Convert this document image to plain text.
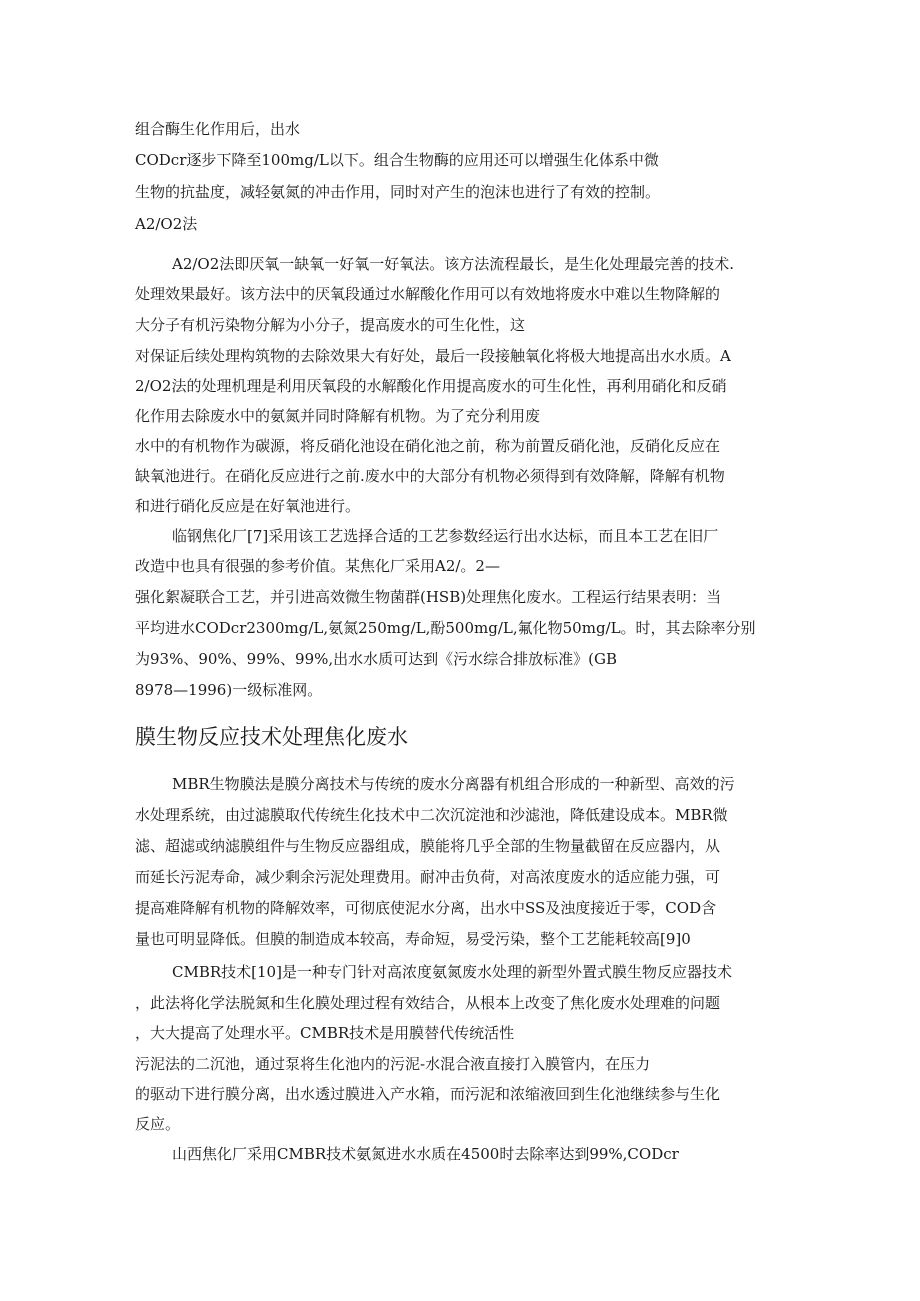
组合酶生化作用后，出水
CODcr逐步下降至100mg/L以下。组合生物酶的应用还可以增强生化体系中微
生物的抗盐度，减轻氨氮的冲击作用，同时对产生的泡沫也进行了有效的控制。
A2/O2法
A2/O2法即厌氧一缺氧一好氧一好氧法。该方法流程最长，是生化处理最完善的技术.
处理效果最好。该方法中的厌氧段通过水解酸化作用可以有效地将废水中难以生物降解的
大分子有机污染物分解为小分子，提高废水的可生化性，这
对保证后续处理构筑物的去除效果大有好处，最后一段接触氧化将极大地提高出水水质。A
2/O2法的处理机理是利用厌氧段的水解酸化作用提高废水的可生化性，再利用硝化和反硝
化作用去除废水中的氨氮并同时降解有机物。为了充分利用废
水中的有机物作为碳源，将反硝化池设在硝化池之前，称为前置反硝化池，反硝化反应在
缺氧池进行。在硝化反应进行之前.废水中的大部分有机物必须得到有效降解，降解有机物
和进行硝化反应是在好氧池进行。
临钢焦化厂[7]采用该工艺选择合适的工艺参数经运行出水达标，而且本工艺在旧厂
改造中也具有很强的参考价值。某焦化厂采用A2/。2—
强化絮凝联合工艺，并引进高效微生物菌群(HSB)处理焦化废水。工程运行结果表明：当
平均进水CODcr2300mg/L,氨氮250mg/L,酚500mg/L,氟化物50mg/L。时，其去除率分别
为93%、90%、99%、99%,出水水质可达到《污水综合排放标准》(GB
8978—1996)一级标准网。
膜生物反应技术处理焦化废水
MBR生物膜法是膜分离技术与传统的废水分离器有机组合形成的一种新型、高效的污
水处理系统，由过滤膜取代传统生化技术中二次沉淀池和沙滤池，降低建设成本。MBR微
滤、超滤或纳滤膜组件与生物反应器组成，膜能将几乎全部的生物量截留在反应器内，从
而延长污泥寿命，减少剩余污泥处理费用。耐冲击负荷，对高浓度废水的适应能力强，可
提高难降解有机物的降解效率，可彻底使泥水分离，出水中SS及浊度接近于零，COD含
量也可明显降低。但膜的制造成本较高，寿命短，易受污染，整个工艺能耗较高[9]0
CMBR技术[10]是一种专门针对高浓度氨氮废水处理的新型外置式膜生物反应器技术
，此法将化学法脱氮和生化膜处理过程有效结合，从根本上改变了焦化废水处理难的问题
，大大提高了处理水平。CMBR技术是用膜替代传统活性
污泥法的二沉池，通过泵将生化池内的污泥-水混合液直接打入膜管内，在压力
的驱动下进行膜分离，出水透过膜进入产水箱，而污泥和浓缩液回到生化池继续参与生化
反应。
山西焦化厂采用CMBR技术氨氮进水水质在4500时去除率达到99%,CODcr
